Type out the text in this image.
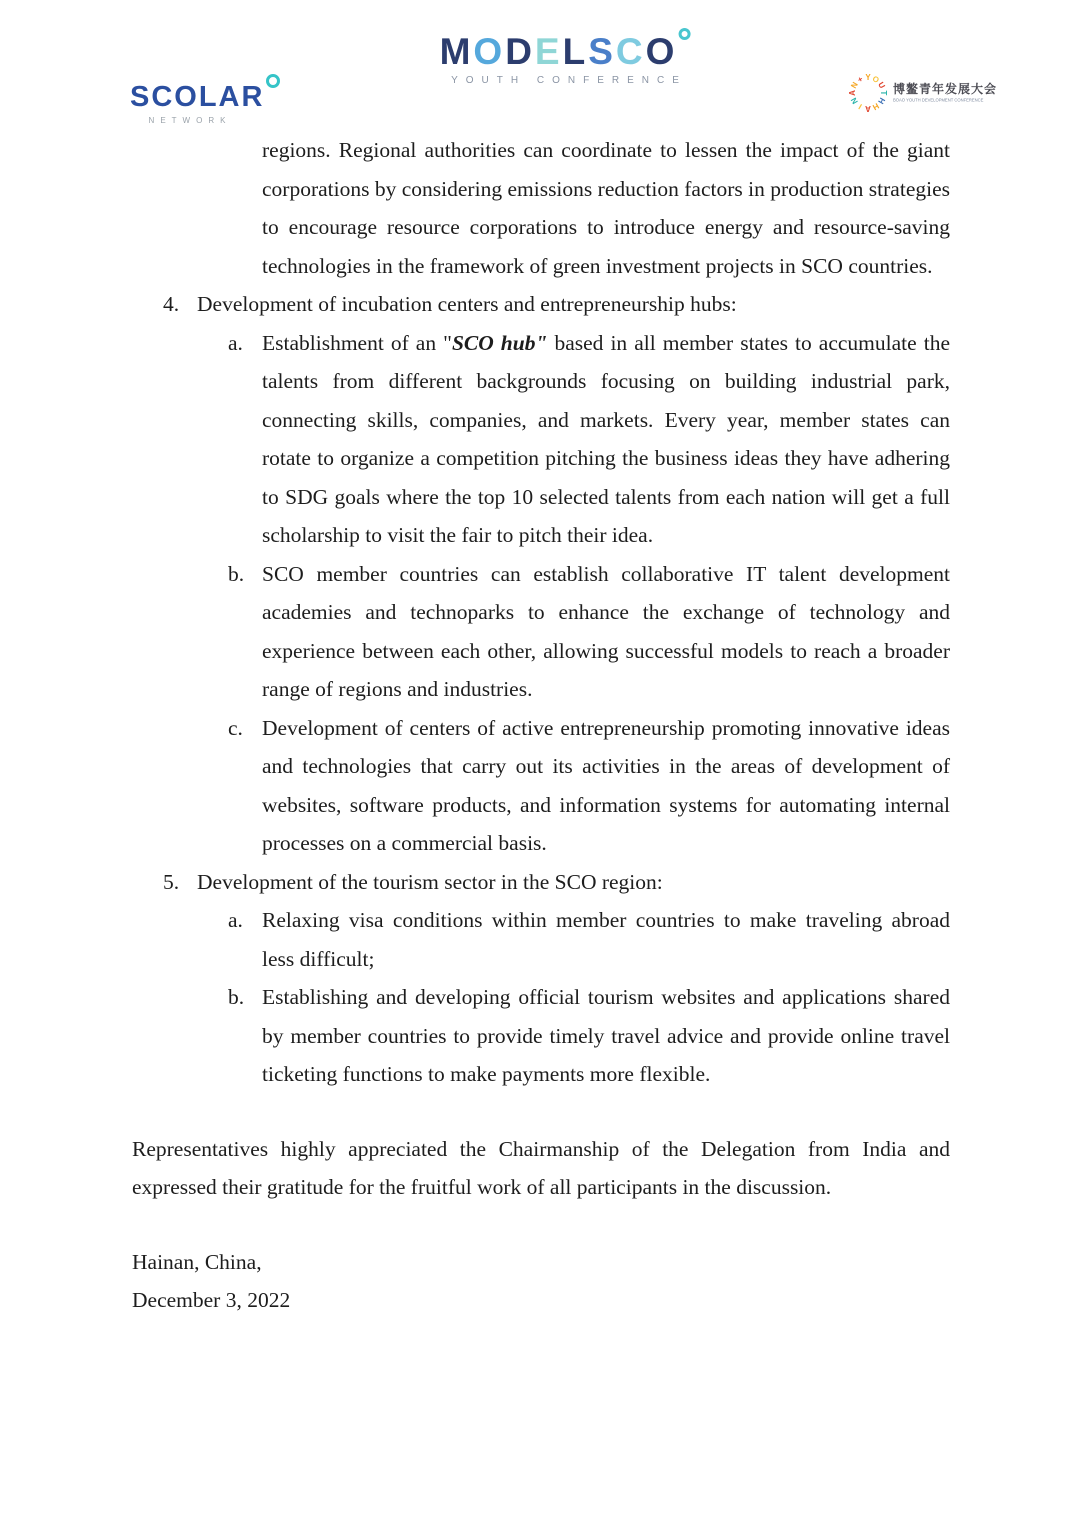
SCOLAR
NETWORK
MODELSCO
YOUTH CONFERENCE	Y O
U
T
H
H
A
I
N
A
N
+
博鳌青年发展大会
BOAO YOUTH DEVELOPMENT CONFERENCE

regions. Regional authorities can coordinate to lessen the impact of the giant corporations by considering emissions reduction factors in production strategies to encourage resource corporations to introduce energy and resource-saving technologies in the framework of green investment projects in SCO countries.

4. Development of incubation centers and entrepreneurship hubs:

a. Establishment of an "SCO hub" based in all member states to accumulate the talents from different backgrounds focusing on building industrial park, connecting skills, companies, and markets. Every year, member states can rotate to organize a competition pitching the business ideas they have adhering to SDG goals where the top 10 selected talents from each nation will get a full scholarship to visit the fair to pitch their idea.

b. SCO member countries can establish collaborative IT talent development academies and technoparks to enhance the exchange of technology and experience between each other, allowing successful models to reach a broader range of regions and industries.

c. Development of centers of active entrepreneurship promoting innovative ideas and technologies that carry out its activities in the areas of development of websites, software products, and information systems for automating internal processes on a commercial basis.

5. Development of the tourism sector in the SCO region:

a. Relaxing visa conditions within member countries to make traveling abroad less difficult;

b. Establishing and developing official tourism websites and applications shared by member countries to provide timely travel advice and provide online travel ticketing functions to make payments more flexible.

Representatives highly appreciated the Chairmanship of the Delegation from India and expressed their gratitude for the fruitful work of all participants in the discussion.

Hainan, China,

December 3, 2022
